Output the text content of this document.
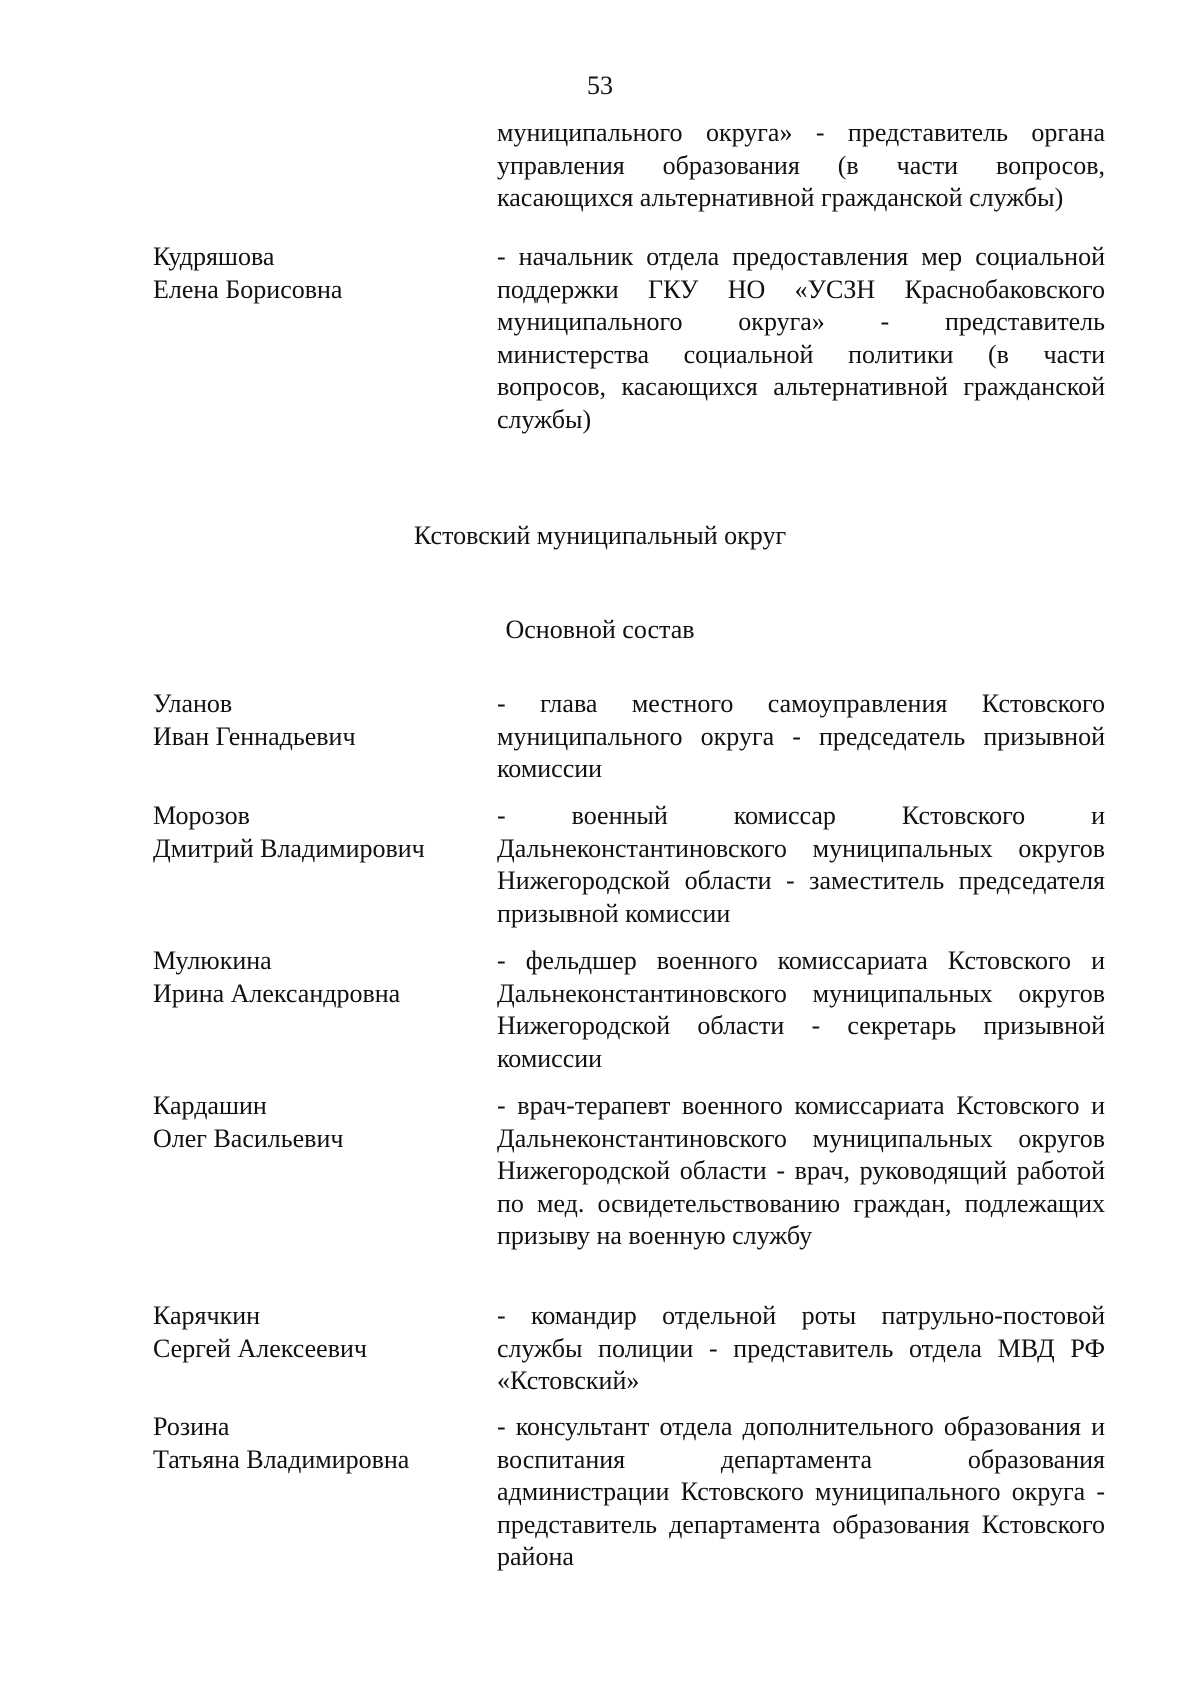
53
муниципального округа» - представитель органа управления образования (в части вопросов, касающихся альтернативной гражданской службы)
Кудряшова
Елена Борисовна
- начальник отдела предоставления мер социальной поддержки ГКУ НО «УСЗН Краснобаковского муниципального округа» - представитель министерства социальной политики (в части вопросов, касающихся альтернативной гражданской службы)
Кстовский муниципальный округ
Основной состав
Уланов
Иван Геннадьевич
- глава местного самоуправления Кстовского муниципального округа - председатель призывной комиссии
Морозов
Дмитрий Владимирович
- военный комиссар Кстовского и Дальнеконстантиновского муниципальных округов Нижегородской области - заместитель председателя призывной комиссии
Мулюкина
Ирина Александровна
- фельдшер военного комиссариата Кстовского и Дальнеконстантиновского муниципальных округов Нижегородской области - секретарь призывной комиссии
Кардашин
Олег Васильевич
- врач-терапевт военного комиссариата Кстовского и Дальнеконстантиновского муниципальных округов Нижегородской области - врач, руководящий работой по мед. освидетельствованию граждан, подлежащих призыву на военную службу
Карячкин
Сергей Алексеевич
- командир отдельной роты патрульно-постовой службы полиции - представитель отдела МВД РФ «Кстовский»
Розина
Татьяна Владимировна
- консультант отдела дополнительного образования и воспитания департамента образования администрации Кстовского муниципального округа - представитель департамента образования Кстовского района
